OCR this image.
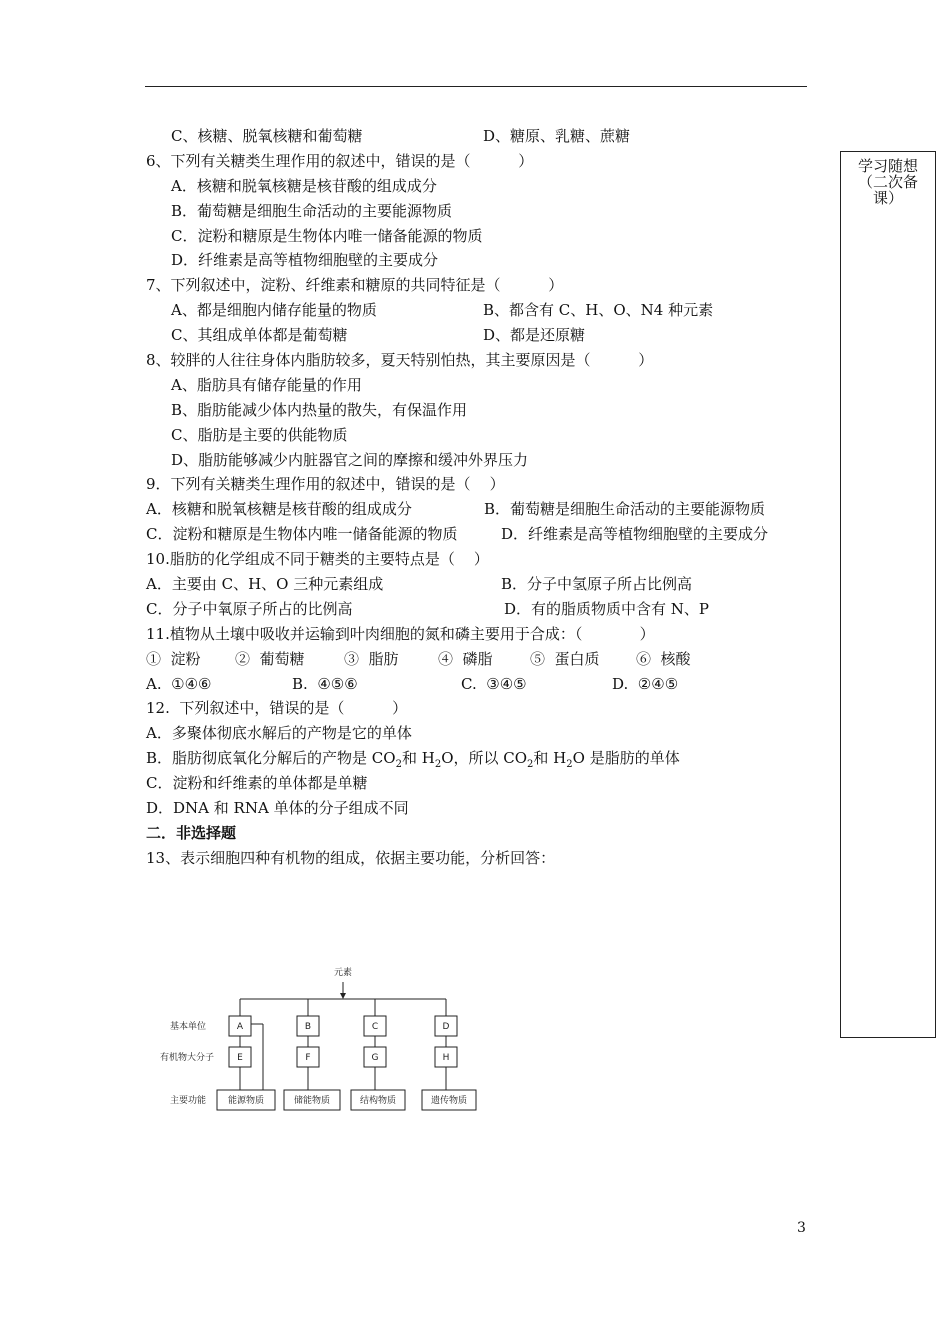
学习随想
（二次备
课）
C、核糖、脱氧核糖和葡萄糖	D、糖原、乳糖、蔗糖
6、下列有关糖类生理作用的叙述中，错误的是（          ）
A．核糖和脱氧核糖是核苷酸的组成成分
B．葡萄糖是细胞生命活动的主要能源物质
C．淀粉和糖原是生物体内唯一储备能源的物质
D．纤维素是高等植物细胞壁的主要成分
7、下列叙述中，淀粉、纤维素和糖原的共同特征是（          ）
A、都是细胞内储存能量的物质	B、都含有 C、H、O、N4 种元素
C、其组成单体都是葡萄糖	D、都是还原糖
8、较胖的人往往身体内脂肪较多，夏天特别怕热，其主要原因是（          ）
A、脂肪具有储存能量的作用
B、脂肪能减少体内热量的散失，有保温作用
C、脂肪是主要的供能物质
D、脂肪能够减少内脏器官之间的摩擦和缓冲外界压力
9．下列有关糖类生理作用的叙述中，错误的是（    ）
A．核糖和脱氧核糖是核苷酸的组成成分	B．葡萄糖是细胞生命活动的主要能源物质
C．淀粉和糖原是生物体内唯一储备能源的物质	D．纤维素是高等植物细胞壁的主要成分
10.脂肪的化学组成不同于糖类的主要特点是（    ）
A．主要由 C、H、O 三种元素组成	B．分子中氢原子所占比例高
C．分子中氧原子所占的比例高	D．有的脂质物质中含有 N、P
11.植物从土壤中吸收并运输到叶肉细胞的氮和磷主要用于合成：（            ）
①  淀粉 ②  葡萄糖	③  脂肪	④  磷脂 ⑤  蛋白质 ⑥  核酸
A.  ①④⑥	B.  ④⑤⑥	C.  ③④⑤	D.  ②④⑤
12.  下列叙述中，错误的是（          ）
A．多聚体彻底水解后的产物是它的单体
B．脂肪彻底氧化分解后的产物是 $CO_2$和 $H_2O$，所以 $CO_2$和 $H_2O$ 是脂肪的单体
C．淀粉和纤维素的单体都是单糖
D．DNA 和 RNA 单体的分子组成不同
二．非选择题
13、表示细胞四种有机物的组成，依据主要功能，分析回答：
元素
基本单位
有机物大分子
主要功能
A	B	C	D
E	F	G	H
能源物质	储能物质	结构物质	遗传物质
3
